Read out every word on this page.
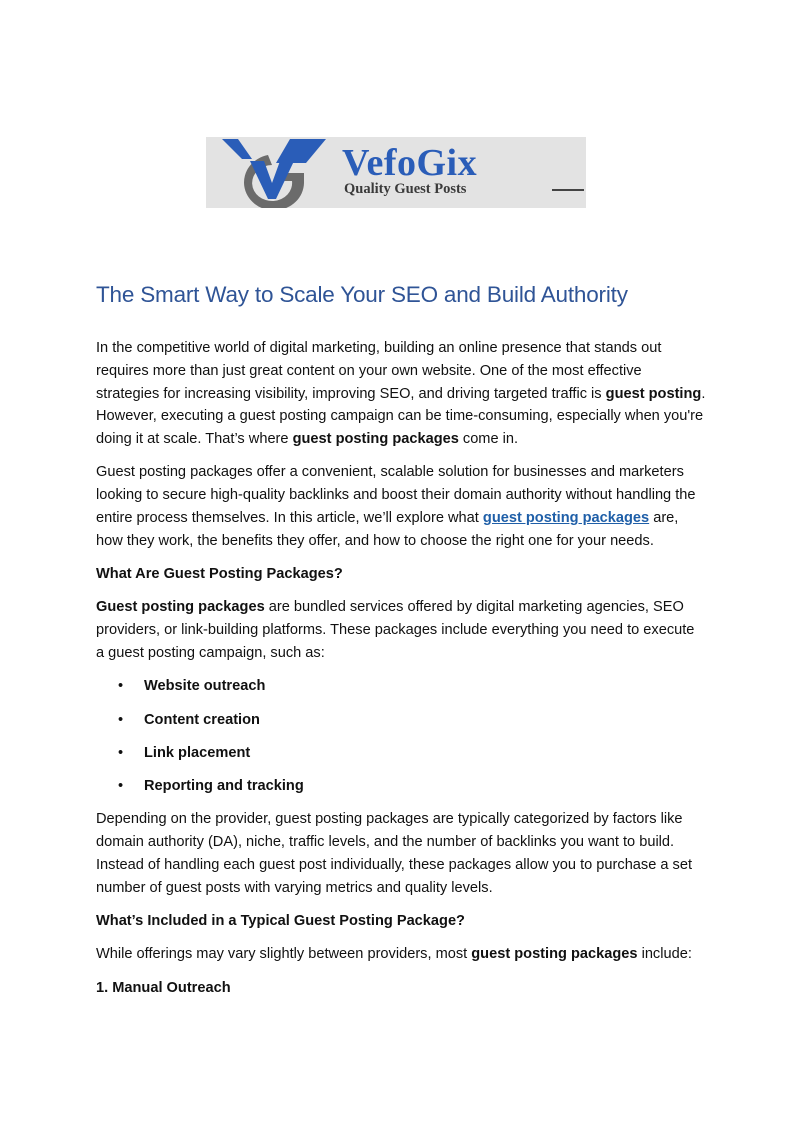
VefoGix
Quality Guest Posts
The Smart Way to Scale Your SEO and Build Authority

In the competitive world of digital marketing, building an online presence that stands out requires more than just great content on your own website. One of the most effective strategies for increasing visibility, improving SEO, and driving targeted traffic is guest posting. However, executing a guest posting campaign can be time-consuming, especially when you're doing it at scale. That’s where guest posting packages come in.

Guest posting packages offer a convenient, scalable solution for businesses and marketers looking to secure high-quality backlinks and boost their domain authority without handling the entire process themselves. In this article, we’ll explore what guest posting packages are, how they work, the benefits they offer, and how to choose the right one for your needs.

What Are Guest Posting Packages?

Guest posting packages are bundled services offered by digital marketing agencies, SEO providers, or link-building platforms. These packages include everything you need to execute a guest posting campaign, such as:

• Website outreach
• Content creation
• Link placement
• Reporting and tracking

Depending on the provider, guest posting packages are typically categorized by factors like domain authority (DA), niche, traffic levels, and the number of backlinks you want to build. Instead of handling each guest post individually, these packages allow you to purchase a set number of guest posts with varying metrics and quality levels.

What’s Included in a Typical Guest Posting Package?

While offerings may vary slightly between providers, most guest posting packages include:

1. Manual Outreach
